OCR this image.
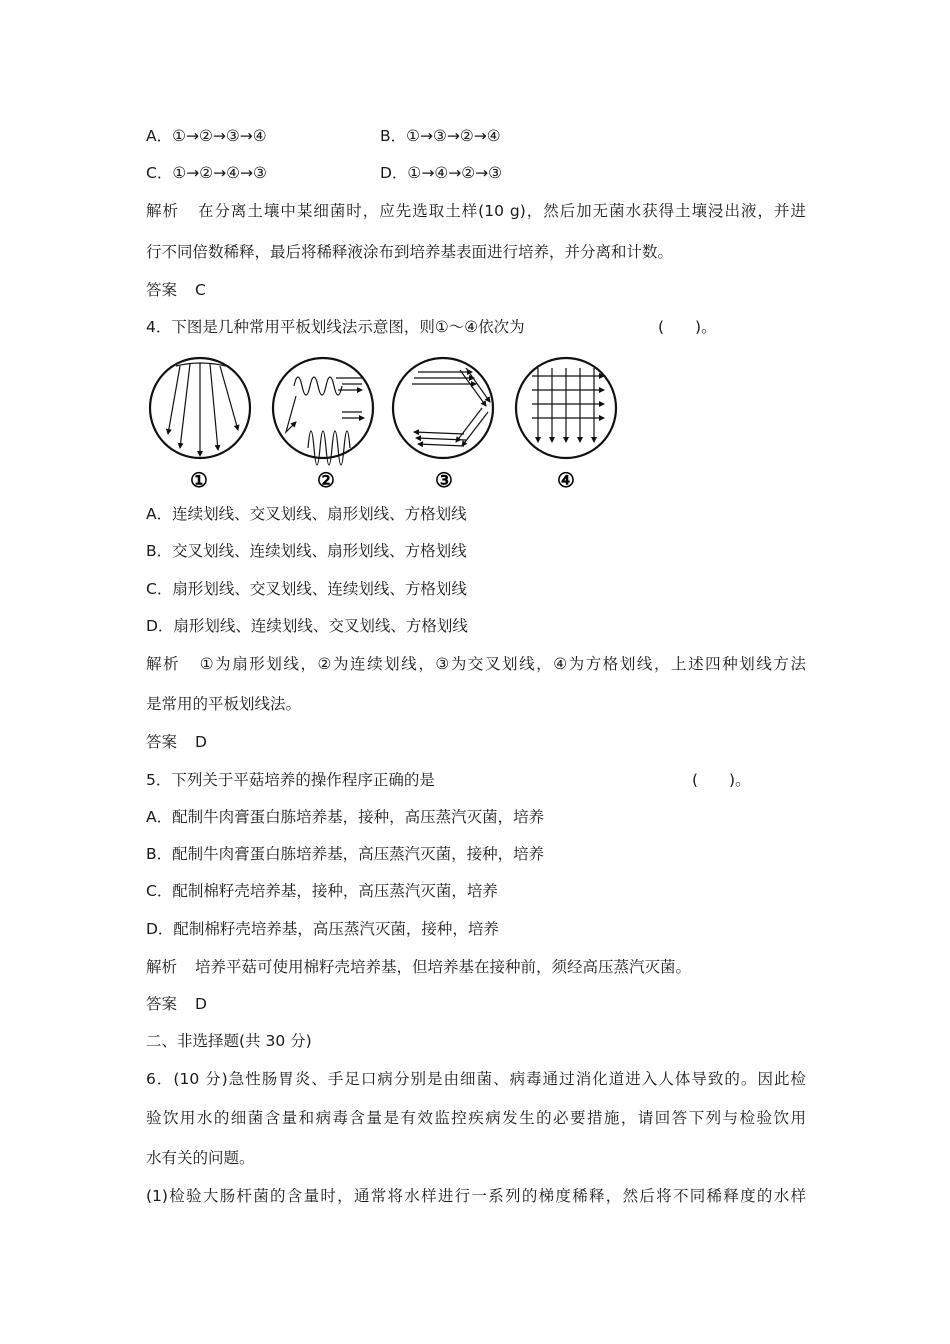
A．①→②→③→④	B．①→③→②→④
C．①→②→④→③	D．①→④→②→③
解析 在分离土壤中某细菌时，应先选取土样(10 g)，然后加无菌水获得土壤浸出液，并进
行不同倍数稀释，最后将稀释液涂布到培养基表面进行培养，并分离和计数。
答案 C
4．下图是几种常用平板划线法示意图，则①～④依次为	(　　)。
①	②	③	④
A．连续划线、交叉划线、扇形划线、方格划线
B．交叉划线、连续划线、扇形划线、方格划线
C．扇形划线、交叉划线、连续划线、方格划线
D．扇形划线、连续划线、交叉划线、方格划线
解析 ①为扇形划线，②为连续划线，③为交叉划线，④为方格划线，上述四种划线方法
是常用的平板划线法。
答案 D
5．下列关于平菇培养的操作程序正确的是	(　　)。
A．配制牛肉膏蛋白胨培养基，接种，高压蒸汽灭菌，培养
B．配制牛肉膏蛋白胨培养基，高压蒸汽灭菌，接种，培养
C．配制棉籽壳培养基，接种，高压蒸汽灭菌，培养
D．配制棉籽壳培养基，高压蒸汽灭菌，接种，培养
解析 培养平菇可使用棉籽壳培养基，但培养基在接种前，须经高压蒸汽灭菌。
答案 D
二、非选择题(共 30 分)
6．(10 分)急性肠胃炎、手足口病分别是由细菌、病毒通过消化道进入人体导致的。因此检
验饮用水的细菌含量和病毒含量是有效监控疾病发生的必要措施，请回答下列与检验饮用
水有关的问题。
(1)检验大肠杆菌的含量时，通常将水样进行一系列的梯度稀释，然后将不同稀释度的水样
